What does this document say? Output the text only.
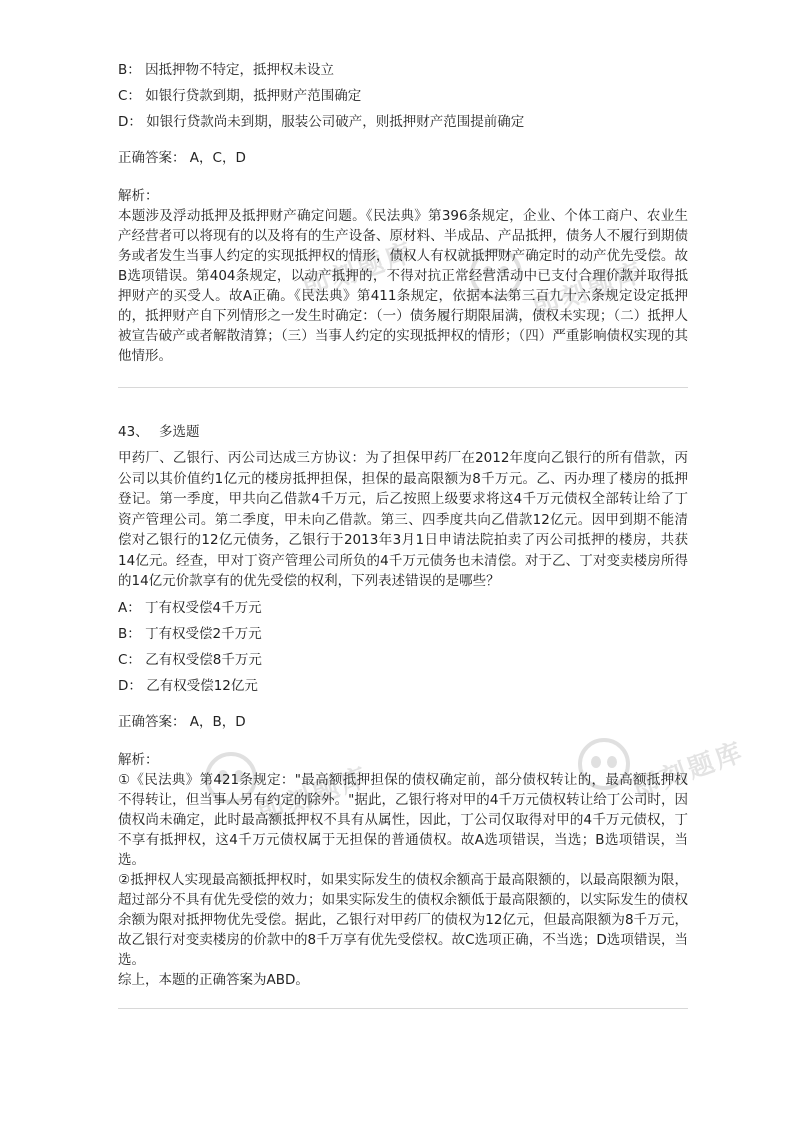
即刻题库	即刻题库
即刻题库	即刻题库
B： 因抵押物不特定，抵押权未设立
C： 如银行贷款到期，抵押财产范围确定
D： 如银行贷款尚未到期，服装公司破产，则抵押财产范围提前确定
正确答案： A，C，D
解析：
本题涉及浮动抵押及抵押财产确定问题。《民法典》第396条规定，企业、个体工商户、农业生产经营者可以将现有的以及将有的生产设备、原材料、半成品、产品抵押，债务人不履行到期债务或者发生当事人约定的实现抵押权的情形，债权人有权就抵押财产确定时的动产优先受偿。故B选项错误。第404条规定，以动产抵押的，不得对抗正常经营活动中已支付合理价款并取得抵押财产的买受人。故A正确。《民法典》第411条规定，依据本法第三百九十六条规定设定抵押的，抵押财产自下列情形之一发生时确定：（一）债务履行期限届满，债权未实现；（二）抵押人被宣告破产或者解散清算；（三）当事人约定的实现抵押权的情形；（四）严重影响债权实现的其他情形。
43、 多选题
甲药厂、乙银行、丙公司达成三方协议：为了担保甲药厂在2012年度向乙银行的所有借款，丙公司以其价值约1亿元的楼房抵押担保，担保的最高限额为8千万元。乙、丙办理了楼房的抵押登记。第一季度，甲共向乙借款4千万元，后乙按照上级要求将这4千万元债权全部转让给了丁资产管理公司。第二季度，甲未向乙借款。第三、四季度共向乙借款12亿元。因甲到期不能清偿对乙银行的12亿元债务，乙银行于2013年3月1日申请法院拍卖了丙公司抵押的楼房，共获14亿元。经查，甲对丁资产管理公司所负的4千万元债务也未清偿。对于乙、丁对变卖楼房所得的14亿元价款享有的优先受偿的权利，下列表述错误的是哪些？
A： 丁有权受偿4千万元
B： 丁有权受偿2千万元
C： 乙有权受偿8千万元
D： 乙有权受偿12亿元
正确答案： A，B，D
解析：
①《民法典》第421条规定："最高额抵押担保的债权确定前，部分债权转让的，最高额抵押权不得转让，但当事人另有约定的除外。"据此，乙银行将对甲的4千万元债权转让给丁公司时，因债权尚未确定，此时最高额抵押权不具有从属性，因此，丁公司仅取得对甲的4千万元债权，丁不享有抵押权，这4千万元债权属于无担保的普通债权。故A选项错误，当选；B选项错误，当选。
②抵押权人实现最高额抵押权时，如果实际发生的债权余额高于最高限额的，以最高限额为限，超过部分不具有优先受偿的效力；如果实际发生的债权余额低于最高限额的，以实际发生的债权余额为限对抵押物优先受偿。据此，乙银行对甲药厂的债权为12亿元，但最高限额为8千万元，故乙银行对变卖楼房的价款中的8千万享有优先受偿权。故C选项正确，不当选；D选项错误，当选。
综上，本题的正确答案为ABD。
